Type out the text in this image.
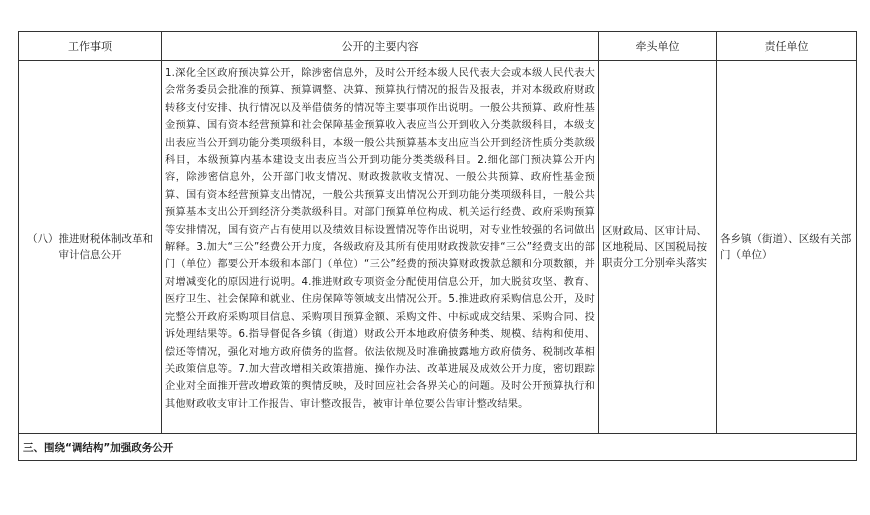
工作事项	公开的主要内容	牵头单位	责任单位
（八）推进财税体制改革和审计信息公开	1.深化全区政府预决算公开，除涉密信息外，及时公开经本级人民代表大会或本级人民代表大会常务委员会批准的预算、预算调整、决算、预算执行情况的报告及报表，并对本级政府财政转移支付安排、执行情况以及举借债务的情况等主要事项作出说明。一般公共预算、政府性基金预算、国有资本经营预算和社会保障基金预算收入表应当公开到收入分类款级科目，本级支出表应当公开到功能分类项级科目，本级一般公共预算基本支出应当公开到经济性质分类款级科目，本级预算内基本建设支出表应当公开到功能分类类级科目。2.细化部门预决算公开内容，除涉密信息外，公开部门收支情况、财政拨款收支情况、一般公共预算、政府性基金预算、国有资本经营预算支出情况，一般公共预算支出情况公开到功能分类项级科目，一般公共预算基本支出公开到经济分类款级科目。对部门预算单位构成、机关运行经费、政府采购预算等安排情况，国有资产占有使用以及绩效目标设置情况等作出说明，对专业性较强的名词做出解释。3.加大“三公”经费公开力度，各级政府及其所有使用财政拨款安排“三公”经费支出的部门（单位）都要公开本级和本部门（单位）“三公”经费的预决算财政拨款总额和分项数额，并对增减变化的原因进行说明。4.推进财政专项资金分配使用信息公开，加大脱贫攻坚、教育、医疗卫生、社会保障和就业、住房保障等领域支出情况公开。5.推进政府采购信息公开，及时完整公开政府采购项目信息、采购项目预算金额、采购文件、中标或成交结果、采购合同、投诉处理结果等。6.指导督促各乡镇（街道）财政公开本地政府债务种类、规模、结构和使用、偿还等情况，强化对地方政府债务的监督。依法依规及时准确披露地方政府债务、税制改革相关政策信息等。7.加大营改增相关政策措施、操作办法、改革进展及成效公开力度，密切跟踪企业对全面推开营改增政策的舆情反映，及时回应社会各界关心的问题。及时公开预算执行和其他财政收支审计工作报告、审计整改报告，被审计单位要公告审计整改结果。	区财政局、区审计局、区地税局、区国税局按职责分工分别牵头落实	各乡镇（街道）、区级有关部门（单位）
三、围绕“调结构”加强政务公开			
